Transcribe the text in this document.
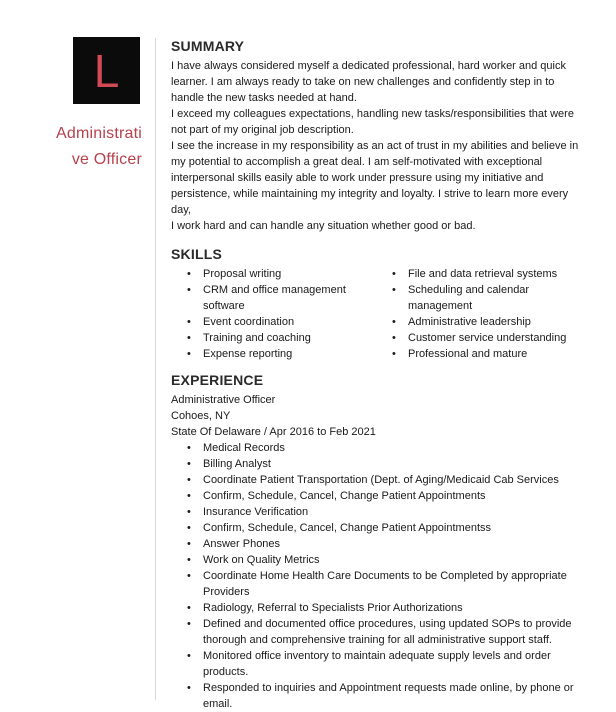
L
Administrati
ve Officer
SUMMARY

I have always considered myself a dedicated professional, hard worker and quick

learner. I am always ready to take on new challenges and confidently step in to

handle the new tasks needed at hand.

I exceed my colleagues expectations, handling new tasks/responsibilities that were

not part of my original job description.

I see the increase in my responsibility as an act of trust in my abilities and believe in

my potential to accomplish a great deal. I am self-motivated with exceptional

interpersonal skills easily able to work under pressure using my initiative and

persistence, while maintaining my integrity and loyalty. I strive to learn more every day,

I work hard and can handle any situation whether good or bad.

SKILLS
• Proposal writing
• CRM and office management
software
• Event coordination
• Training and coaching
• Expense reporting
• File and data retrieval systems
• Scheduling and calendar
management
• Administrative leadership
• Customer service understanding
• Professional and mature
EXPERIENCE
Administrative Officer
Cohoes, NY
State Of Delaware / Apr 2016 to Feb 2021
• Medical Records
• Billing Analyst
• Coordinate Patient Transportation (Dept. of Aging/Medicaid Cab Services
• Confirm, Schedule, Cancel, Change Patient Appointments
• Insurance Verification
• Confirm, Schedule, Cancel, Change Patient Appointmentss
• Answer Phones
• Work on Quality Metrics
• Coordinate Home Health Care Documents to be Completed by appropriate
Providers
• Radiology, Referral to Specialists Prior Authorizations
• Defined and documented office procedures, using updated SOPs to provide
thorough and comprehensive training for all administrative support staff.
• Monitored office inventory to maintain adequate supply levels and order
products.
• Responded to inquiries and Appointment requests made online, by phone or
email.
